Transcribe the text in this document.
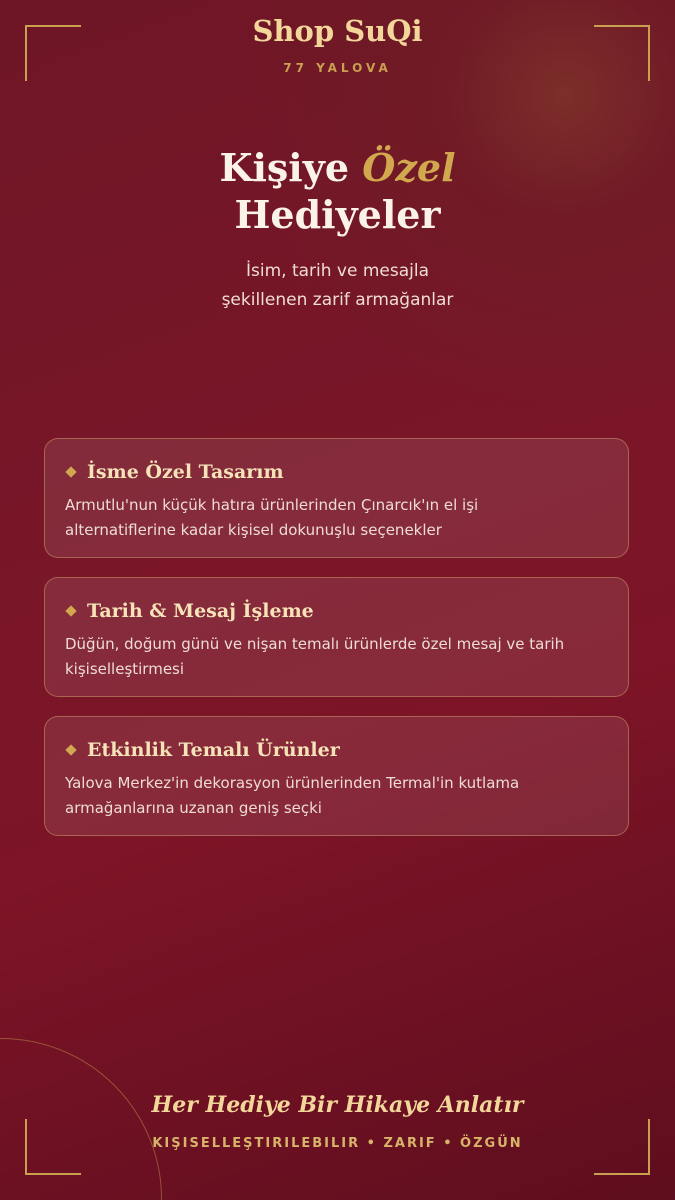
Shop SuQi
77 YALOVA
Kişiye Özel
Hediyeler
İsim, tarih ve mesajla
şekillenen zarif armağanlar
İsme Özel Tasarım
Armutlu'nun küçük hatıra ürünlerinden Çınarcık'ın el işi
alternatiflerine kadar kişisel dokunuşlu seçenekler
Tarih & Mesaj İşleme
Düğün, doğum günü ve nişan temalı ürünlerde özel mesaj ve tarih
kişiselleştirmesi
Etkinlik Temalı Ürünler
Yalova Merkez'in dekorasyon ürünlerinden Termal'in kutlama
armağanlarına uzanan geniş seçki
Her Hediye Bir Hikaye Anlatır
KIŞISELLEŞTIRILEBILIR • ZARIF • ÖZGÜN
